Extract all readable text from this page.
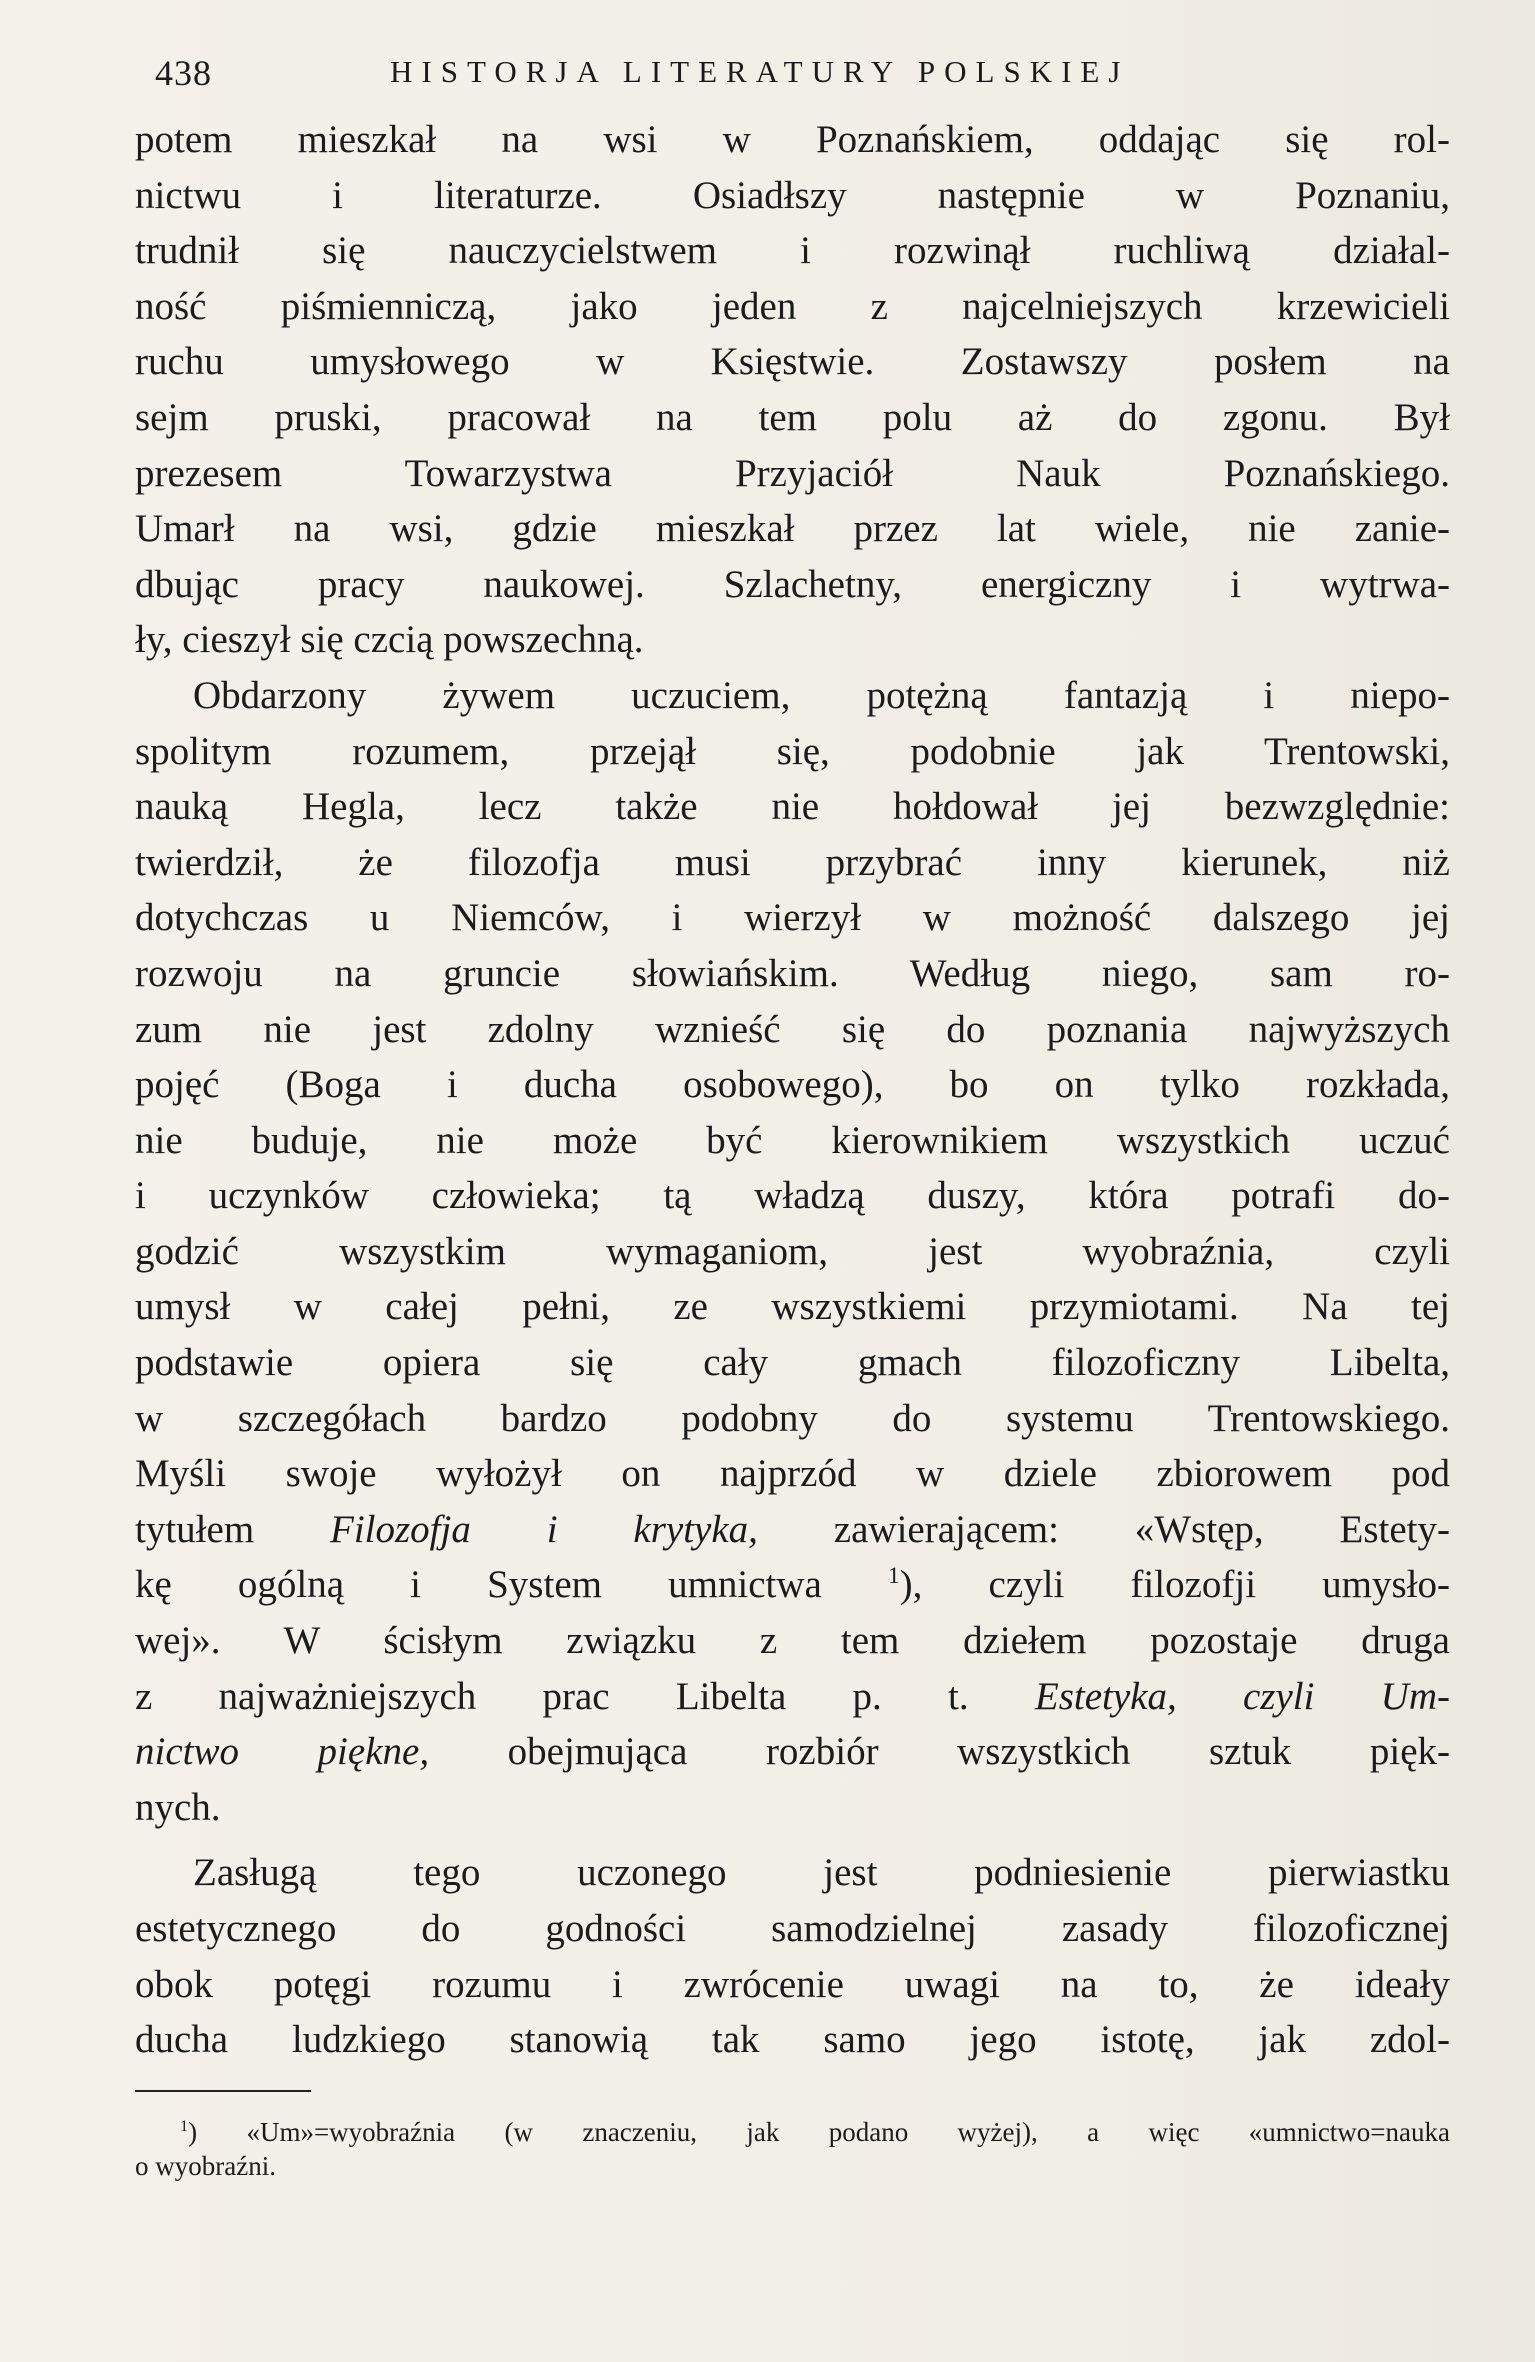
438	HISTORJA LITERATURY POLSKIEJ
potem mieszkał na wsi w Poznańskiem, oddając się rol-
nictwu i literaturze. Osiadłszy następnie w Poznaniu,
trudnił się nauczycielstwem i rozwinął ruchliwą działal-
ność piśmienniczą, jako jeden z najcelniejszych krzewicieli
ruchu umysłowego w Księstwie. Zostawszy posłem na
sejm pruski, pracował na tem polu aż do zgonu. Był
prezesem Towarzystwa Przyjaciół Nauk Poznańskiego.
Umarł na wsi, gdzie mieszkał przez lat wiele, nie zanie-
dbując pracy naukowej. Szlachetny, energiczny i wytrwa-
ły, cieszył się czcią powszechną.
Obdarzony żywem uczuciem, potężną fantazją i niepo-
spolitym rozumem, przejął się, podobnie jak Trentowski,
nauką Hegla, lecz także nie hołdował jej bezwzględnie:
twierdził, że filozofja musi przybrać inny kierunek, niż
dotychczas u Niemców, i wierzył w możność dalszego jej
rozwoju na gruncie słowiańskim. Według niego, sam ro-
zum nie jest zdolny wznieść się do poznania najwyższych
pojęć (Boga i ducha osobowego), bo on tylko rozkłada,
nie buduje, nie może być kierownikiem wszystkich uczuć
i uczynków człowieka; tą władzą duszy, która potrafi do-
godzić wszystkim wymaganiom, jest wyobraźnia, czyli
umysł w całej pełni, ze wszystkiemi przymiotami. Na tej
podstawie opiera się cały gmach filozoficzny Libelta,
w szczegółach bardzo podobny do systemu Trentowskiego.
Myśli swoje wyłożył on najprzód w dziele zbiorowem pod
tytułem Filozofja i krytyka, zawierającem: «Wstęp, Estety-
kę ogólną i System umnictwa $^1$), czyli filozofji umysło-
wej». W ścisłym związku z tem dziełem pozostaje druga
z najważniejszych prac Libelta p. t. Estetyka, czyli Um-
nictwo piękne, obejmująca rozbiór wszystkich sztuk pięk-
nych.
Zasługą tego uczonego jest podniesienie pierwiastku
estetycznego do godności samodzielnej zasady filozoficznej
obok potęgi rozumu i zwrócenie uwagi na to, że ideały
ducha ludzkiego stanowią tak samo jego istotę, jak zdol-
$^1$) «Um»=wyobraźnia (w znaczeniu, jak podano wyżej), a więc «umnictwo=nauka
o wyobraźni.
